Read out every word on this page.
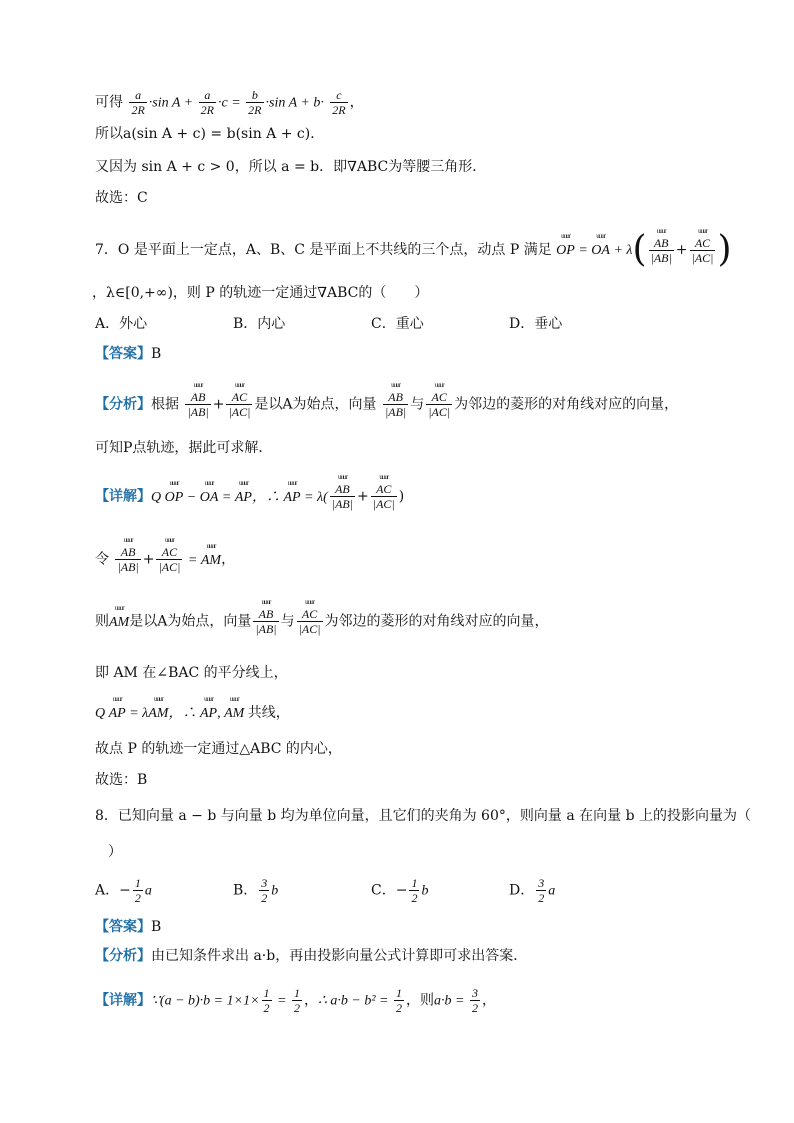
可得 $\frac{a}{2R} \cdot\sin$ $A + \frac{a}{2R} \cdot c = \frac{b}{2R} \cdot\sin$ $A + b\cdot \frac{c}{2R}$ ，
所以a(sin A + c) = b(sin A + c)．
又因为 sin A + c > 0，所以 a = b．即∇ABC为等腰三角形．
故选：C
7．O 是平面上一定点，A、B、C 是平面上不共线的三个点，动点 P 满足 uuur OP = uuur OA + λ( uuur $\frac{AB}{|AB|}$ + uuur $\frac{AC}{|AC|}$ )
，λ∈[0,+∞)，则 P 的轨迹一定通过∇ABC的（　　）
A．外心	B．内心	C．重心	D．垂心
【答案】B
【分析】根据 uuur $\frac{AB}{|AB|}$ + uuur $\frac{AC}{|AC|}$ 是以A为始点，向量 uuur $\frac{AB}{|AB|}$ 与 uuur $\frac{AC}{|AC|}$ 为邻边的菱形的对角线对应的向量，
可知P点轨迹，据此可求解．
【详解】Q uuur OP − uuur OA = uuur AP，∴ uuur AP = λ( uuur $\frac{AB}{|AB|}$ + uuur $\frac{AC}{|AC|}$ )
令 uuur $\frac{AB}{|AB|}$ + uuur $\frac{AC}{|AC|}$ = uuur AM，
则uuur AM是以A为始点，向量 uuur $\frac{AB}{|AB|}$ 与 uuur $\frac{AC}{|AC|}$ 为邻边的菱形的对角线对应的向量，
即 AM 在∠BAC 的平分线上，
Q uuur AP = λuuur AM，∴ uuur AP, uuur AM 共线，
故点 P 的轨迹一定通过△ABC 的内心，
故选：B
8．已知向量 a − b 与向量 b 均为单位向量，且它们的夹角为 60°，则向量 a 在向量 b 上的投影向量为（
）
A．− $\frac{1}{2}$ a	B． $\frac{3}{2}$ b	C．− $\frac{1}{2}$ b	D． $\frac{3}{2}$ a
【答案】B
【分析】由已知条件求出 a·b，再由投影向量公式计算即可求出答案．
【详解】∵(a − $b)\cdot b = 1\times 1\times \frac{1}{2} = \frac{1}{2}$ ，∴ $a\cdot b - b^2 = \frac{1}{2}$ ，则$a\cdot b = \frac{3}{2}$ ，
